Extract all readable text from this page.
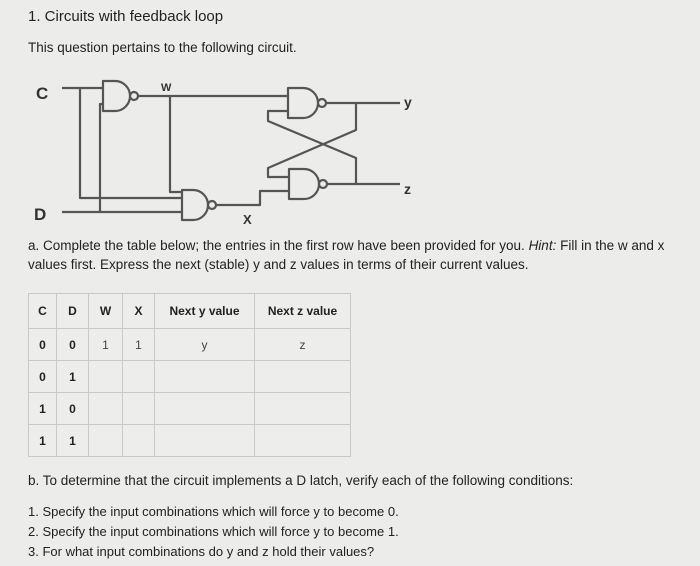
1. Circuits with feedback loop
This question pertains to the following circuit.
C
D
W
X
y
z
a. Complete the table below; the entries in the first row have been provided for you. Hint: Fill in the w and x values first. Express the next (stable) y and z values in terms of their current values.
C	D	W	X	Next y value	Next z value
0	0	1	1	y	z
0	1				
1	0				
1	1				
b. To determine that the circuit implements a D latch, verify each of the following conditions:
1. Specify the input combinations which will force y to become 0.
2. Specify the input combinations which will force y to become 1.
3. For what input combinations do y and z hold their values?
